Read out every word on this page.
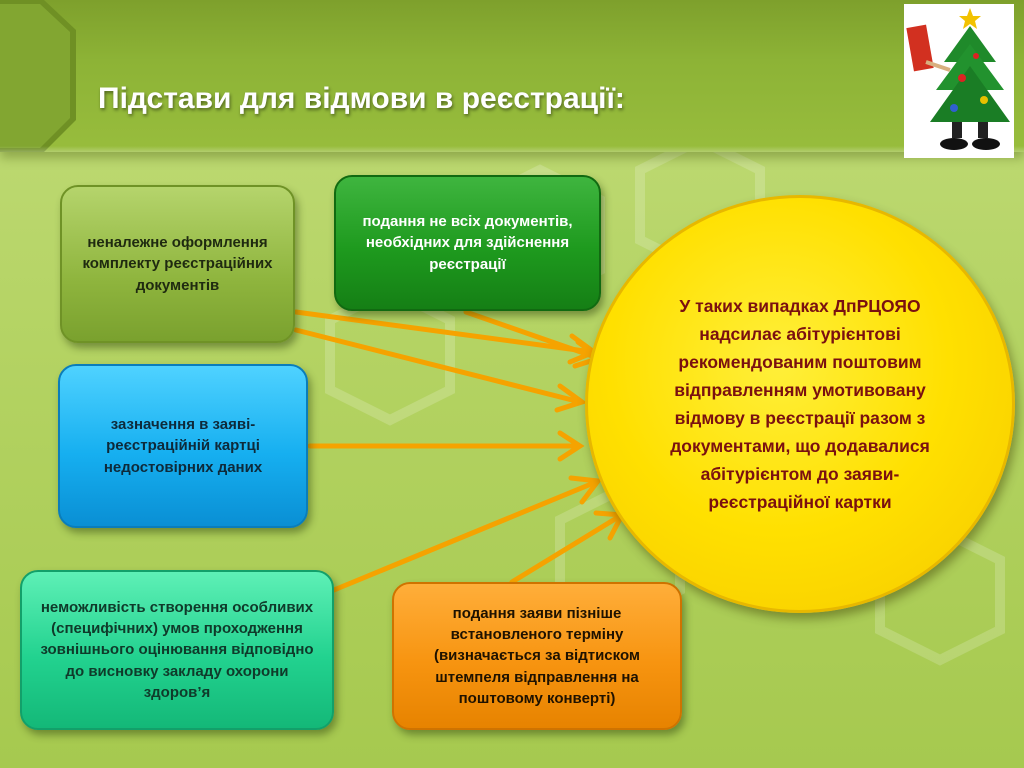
Підстави для відмови в реєстрації:
неналежне оформлення комплекту реєстраційних документів
подання не всіх документів, необхідних для здійснення реєстрації
зазначення в заяві-реєстраційній картці недостовірних даних
неможливість створення особливих (специфічних) умов проходження зовнішнього оцінювання відповідно до висновку закладу охорони здоров’я
подання заяви пізніше встановленого терміну (визначається за відтиском штемпеля відправлення на поштовому конверті)
У таких випадках ДпРЦОЯО надсилає абітурієнтові рекомендованим поштовим відправленням умотивовану відмову в реєстрації разом з документами, що додавалися абітурієнтом до заяви-реєстраційної картки
